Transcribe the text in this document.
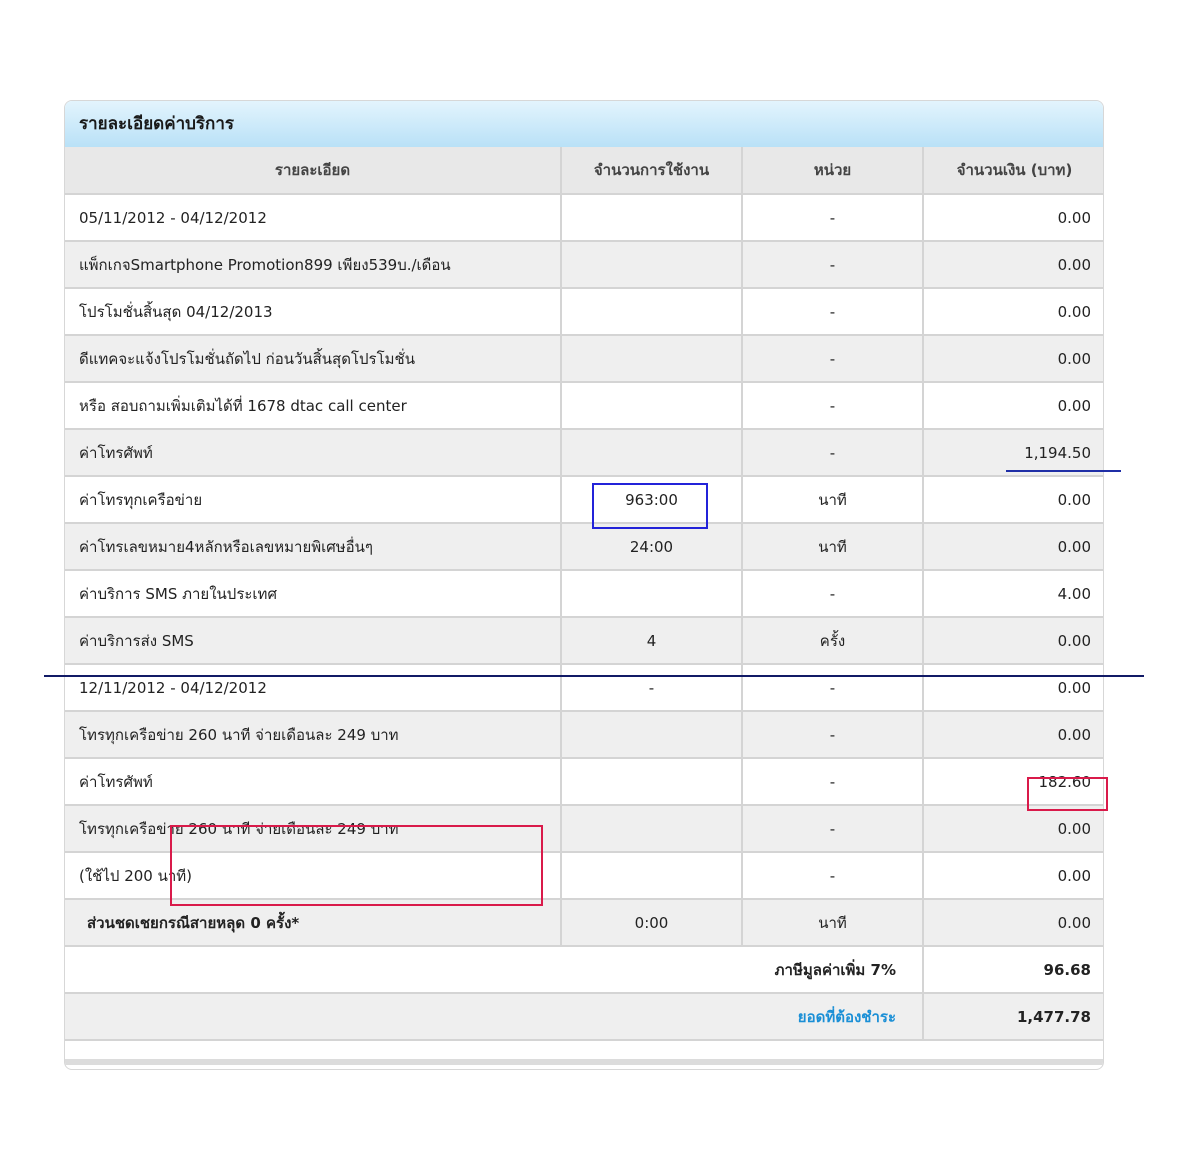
รายละเอียดค่าบริการ
รายละเอียด	จำนวนการใช้งาน	หน่วย	จำนวนเงิน (บาท)
05/11/2012 - 04/12/2012		-	0.00
แพ็กเกจSmartphone Promotion899 เพียง539บ./เดือน		-	0.00
โปรโมชั่นสิ้นสุด 04/12/2013		-	0.00
ดีแทคจะแจ้งโปรโมชั่นถัดไป ก่อนวันสิ้นสุดโปรโมชั่น		-	0.00
หรือ สอบถามเพิ่มเติมได้ที่ 1678 dtac call center		-	0.00
ค่าโทรศัพท์		-	1,194.50
ค่าโทรทุกเครือข่าย	963:00	นาที	0.00
ค่าโทรเลขหมาย4หลักหรือเลขหมายพิเศษอื่นๆ	24:00	นาที	0.00
ค่าบริการ SMS ภายในประเทศ		-	4.00
ค่าบริการส่ง SMS	4	ครั้ง	0.00
12/11/2012 - 04/12/2012	-	-	0.00
โทรทุกเครือข่าย 260 นาที จ่ายเดือนละ 249 บาท		-	0.00
ค่าโทรศัพท์		-	182.60
โทรทุกเครือข่าย 260 นาที จ่ายเดือนละ 249 บาท		-	0.00
(ใช้ไป 200 นาที)		-	0.00
ส่วนชดเชยกรณีสายหลุด 0 ครั้ง*	0:00	นาที	0.00
ภาษีมูลค่าเพิ่ม 7%			96.68
ยอดที่ต้องชำระ			1,477.78
